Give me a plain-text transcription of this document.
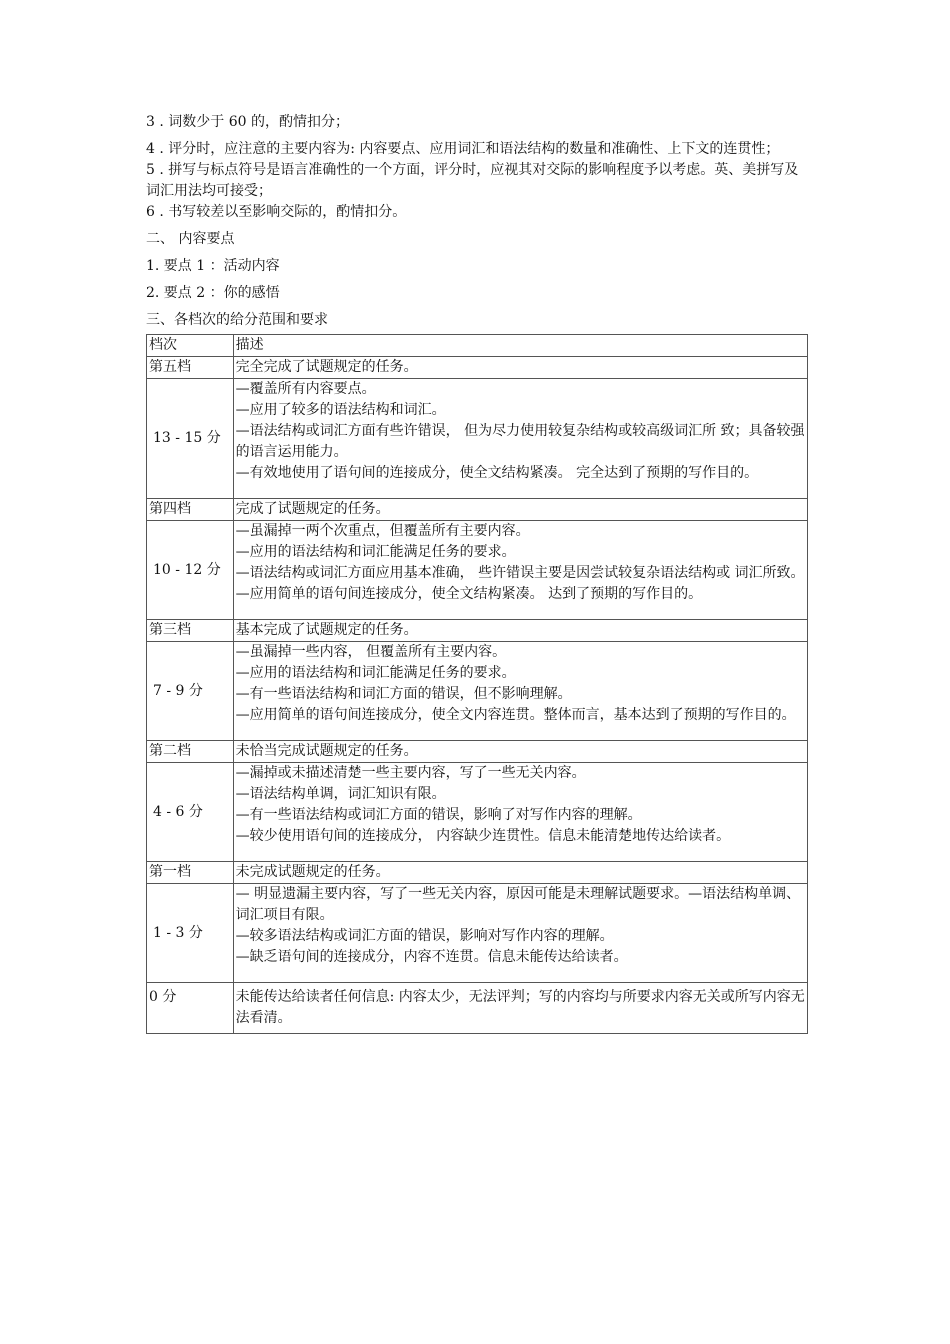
3 . 词数少于 60 的，酌情扣分；

4 . 评分时，应注意的主要内容为: 内容要点、应用词汇和语法结构的数量和准确性、上下文的连贯性；

5 . 拼写与标点符号是语言准确性的一个方面，评分时，应视其对交际的影响程度予以考虑。英、美拼写及词汇用法均可接受；

6 . 书写较差以至影响交际的，酌情扣分。

二、 内容要点

1. 要点 1 ：活动内容

2. 要点 2 ：你的感悟

三、各档次的给分范围和要求

档次	描述
第五档	完全完成了试题规定的任务。
13 - 15 分	—覆盖所有内容要点。
—应用了较多的语法结构和词汇。
—语法结构或词汇方面有些许错误， 但为尽力使用较复杂结构或较高级词汇所 致；具备较强的语言运用能力。
—有效地使用了语句间的连接成分，使全文结构紧凑。 完全达到了预期的写作目的。

第四档	完成了试题规定的任务。
10 - 12 分	—虽漏掉一两个次重点，但覆盖所有主要内容。
—应用的语法结构和词汇能满足任务的要求。
—语法结构或词汇方面应用基本准确， 些许错误主要是因尝试较复杂语法结构或 词汇所致。
—应用简单的语句间连接成分，使全文结构紧凑。 达到了预期的写作目的。

第三档	基本完成了试题规定的任务。
7 - 9 分	—虽漏掉一些内容， 但覆盖所有主要内容。
—应用的语法结构和词汇能满足任务的要求。
—有一些语法结构和词汇方面的错误，但不影响理解。
—应用简单的语句间连接成分，使全文内容连贯。整体而言，基本达到了预期的写作目的。

第二档	未恰当完成试题规定的任务。
4 - 6 分	—漏掉或未描述清楚一些主要内容，写了一些无关内容。
—语法结构单调，词汇知识有限。
—有一些语法结构或词汇方面的错误，影响了对写作内容的理解。
—较少使用语句间的连接成分， 内容缺少连贯性。信息未能清楚地传达给读者。

第一档	未完成试题规定的任务。
1 - 3 分	— 明显遗漏主要内容，写了一些无关内容，原因可能是未理解试题要求。—语法结构单调、词汇项目有限。
—较多语法结构或词汇方面的错误，影响对写作内容的理解。
—缺乏语句间的连接成分，内容不连贯。信息未能传达给读者。

0 分	未能传达给读者任何信息: 内容太少，无法评判；写的内容均与所要求内容无关或所写内容无法看清。
